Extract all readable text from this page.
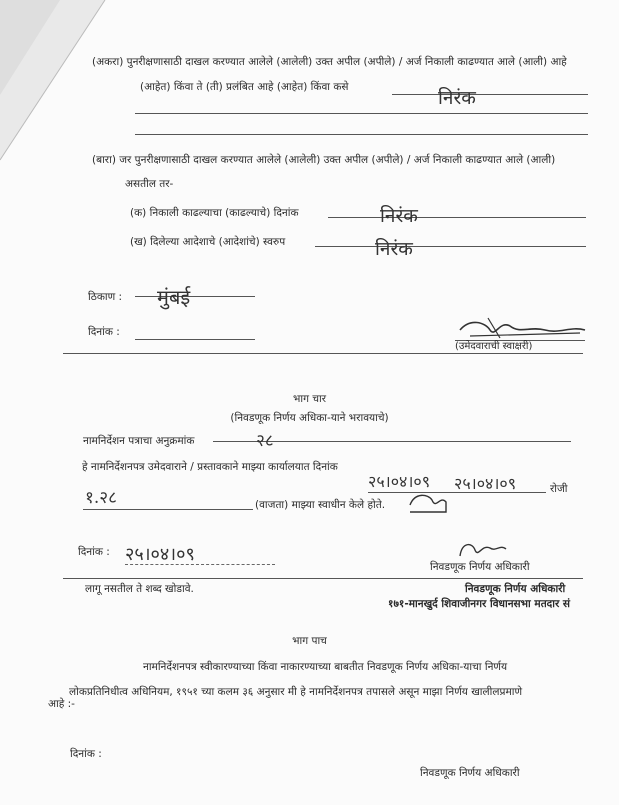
(अकरा) पुनरीक्षणासाठी दाखल करण्यात आलेले (आलेली) उक्त अपील (अपीले) / अर्ज निकाली काढण्यात आले (आली) आहे
(आहेत) किंवा ते (ती) प्रलंबित आहे (आहेत) किंवा कसे	निरंक
(बारा) जर पुनरीक्षणासाठी दाखल करण्यात आलेले (आलेली) उक्त अपील (अपीले) / अर्ज निकाली काढण्यात आले (आली)
असतील तर-
(क) निकाली काढल्याचा (काढल्याचे) दिनांक	निरंक
(ख) दिलेल्या आदेशाचे (आदेशांचे) स्वरुप	निरंक
ठिकाण : मुंबई
दिनांक :
(उमेदवाराची स्वाक्षरी)
भाग चार
(निवडणूक निर्णय अधिका-याने भरावयाचे)
नामनिर्देशन पत्राचा अनुक्रमांक	२८
हे नामनिर्देशनपत्र उमेदवाराने / प्रस्तावकाने माझ्या कार्यालयात दिनांक
२५।०४।०९ २५।०४।०९	रोजी
१.२८	(वाजता) माझ्या स्वाधीन केले होते.
दिनांक : २५।०४।०९
निवडणूक निर्णय अधिकारी
लागू नसतील ते शब्द खोडावे.	निवडणूक निर्णय अधिकारी
१७१-मानखुर्द शिवाजीनगर विधानसभा मतदार सं
भाग पाच
नामनिर्देशनपत्र स्वीकारण्याच्या किंवा नाकारण्याच्या बाबतीत निवडणूक निर्णय अधिका-याचा निर्णय
लोकप्रतिनिधीत्व अधिनियम, १९५१ च्या कलम ३६ अनुसार मी हे नामनिर्देशनपत्र तपासले असून माझा निर्णय खालीलप्रमाणे
आहे :-
दिनांक :
निवडणूक निर्णय अधिकारी
